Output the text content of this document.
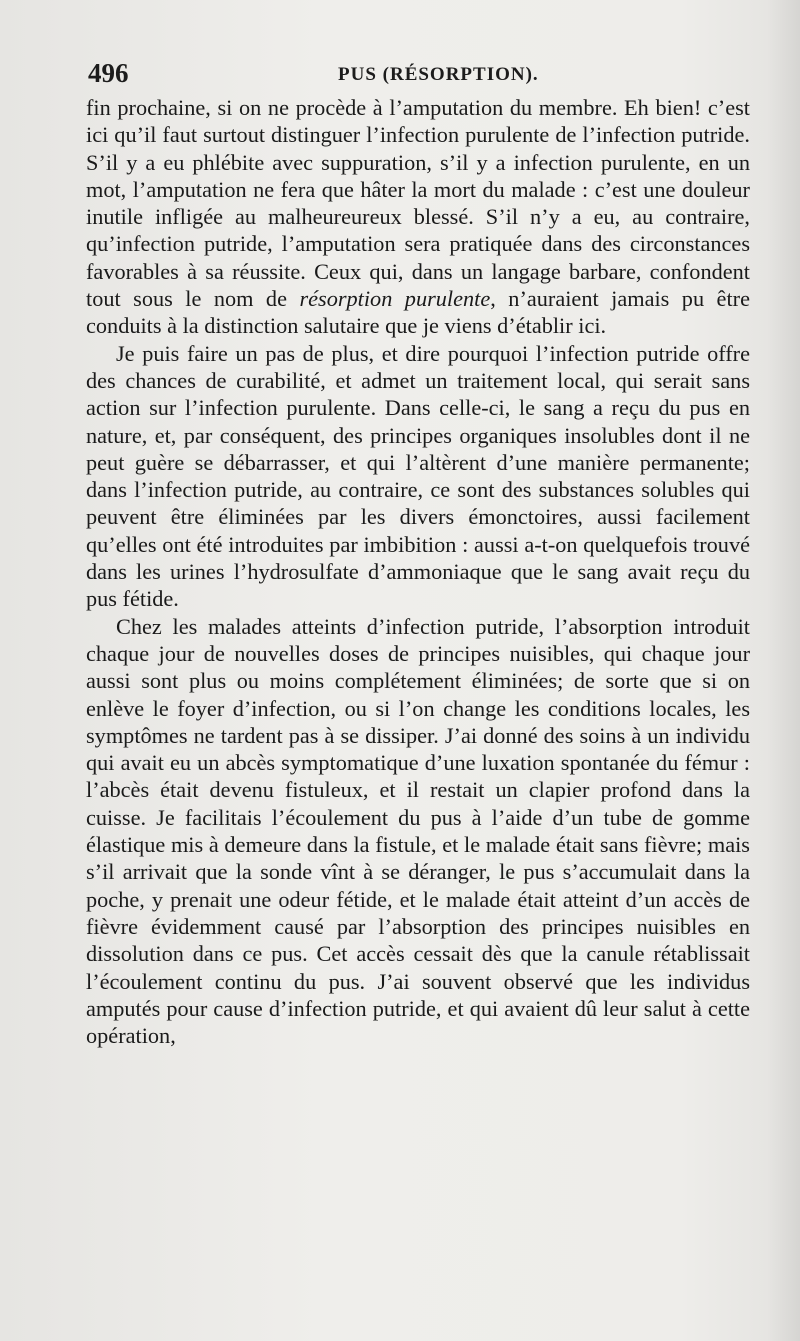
496	PUS (RÉSORPTION).

fin prochaine, si on ne procède à l’amputation du membre. Eh bien! c’est ici qu’il faut surtout distinguer l’infection purulente de l’infection putride. S’il y a eu phlébite avec suppuration, s’il y a infection purulente, en un mot, l’amputation ne fera que hâter la mort du malade : c’est une douleur inutile infligée au malheureureux blessé. S’il n’y a eu, au contraire, qu’infection putride, l’amputation sera pratiquée dans des circonstances favorables à sa réussite. Ceux qui, dans un langage barbare, confondent tout sous le nom de résorption purulente, n’auraient jamais pu être conduits à la distinction salutaire que je viens d’établir ici.

Je puis faire un pas de plus, et dire pourquoi l’infection putride offre des chances de curabilité, et admet un traitement local, qui serait sans action sur l’infection purulente. Dans celle-ci, le sang a reçu du pus en nature, et, par conséquent, des principes organiques insolubles dont il ne peut guère se débarrasser, et qui l’altèrent d’une manière permanente; dans l’infection putride, au contraire, ce sont des substances solubles qui peuvent être éliminées par les divers émonctoires, aussi facilement qu’elles ont été introduites par imbibition : aussi a-t-on quelquefois trouvé dans les urines l’hydrosulfate d’ammoniaque que le sang avait reçu du pus fétide.

Chez les malades atteints d’infection putride, l’absorption introduit chaque jour de nouvelles doses de principes nuisibles, qui chaque jour aussi sont plus ou moins complétement éliminées; de sorte que si on enlève le foyer d’infection, ou si l’on change les conditions locales, les symptômes ne tardent pas à se dissiper. J’ai donné des soins à un individu qui avait eu un abcès symptomatique d’une luxation spontanée du fémur : l’abcès était devenu fistuleux, et il restait un clapier profond dans la cuisse. Je facilitais l’écoulement du pus à l’aide d’un tube de gomme élastique mis à demeure dans la fistule, et le malade était sans fièvre; mais s’il arrivait que la sonde vînt à se déranger, le pus s’accumulait dans la poche, y prenait une odeur fétide, et le malade était atteint d’un accès de fièvre évidemment causé par l’absorption des principes nuisibles en dissolution dans ce pus. Cet accès cessait dès que la canule rétablissait l’écoulement continu du pus. J’ai souvent observé que les individus amputés pour cause d’infection putride, et qui avaient dû leur salut à cette opération,
